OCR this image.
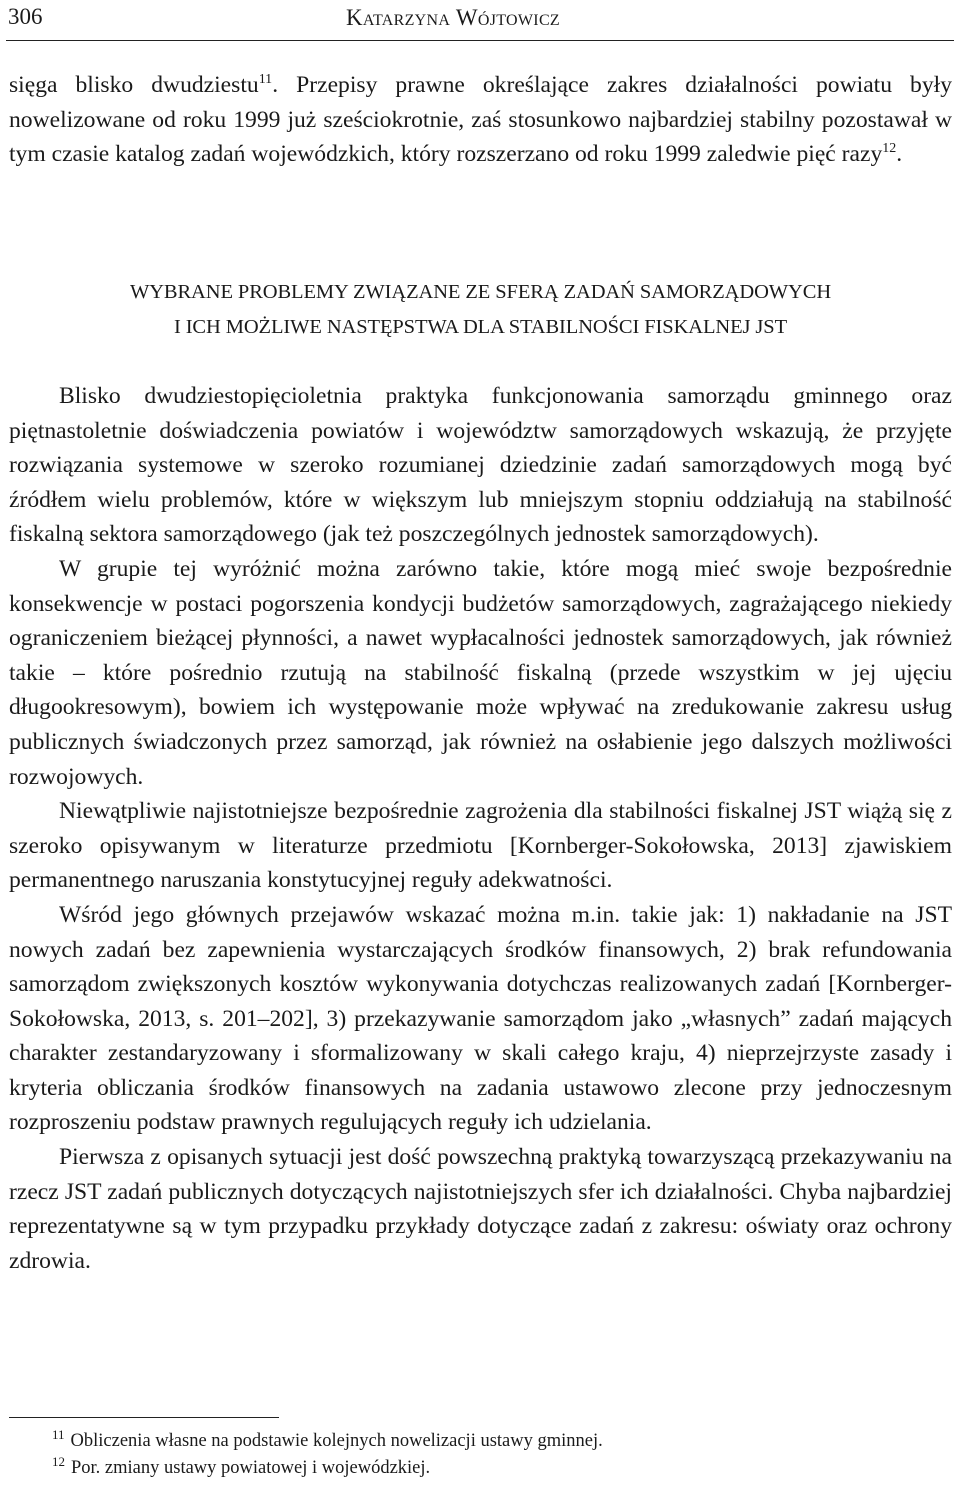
306	Katarzyna Wójtowicz

sięga blisko dwudziestu$^{11}$. Przepisy prawne określające zakres działalności powiatu były nowelizowane od roku 1999 już sześciokrotnie, zaś stosunkowo najbardziej stabilny pozostawał w tym czasie katalog zadań wojewódzkich, który rozszerzano od roku 1999 zaledwie pięć razy$^{12}$.

WYBRANE PROBLEMY ZWIĄZANE ZE SFERĄ ZADAŃ SAMORZĄDOWYCH
I ICH MOŻLIWE NASTĘPSTWA DLA STABILNOŚCI FISKALNEJ JST

Blisko dwudziestopięcioletnia praktyka funkcjonowania samorządu gminnego oraz piętnastoletnie doświadczenia powiatów i województw samorządowych wskazują, że przyjęte rozwiązania systemowe w szeroko rozumianej dziedzinie zadań samorządowych mogą być źródłem wielu problemów, które w większym lub mniejszym stopniu oddziałują na stabilność fiskalną sektora samorządowego (jak też poszczególnych jednostek samorządowych).

W grupie tej wyróżnić można zarówno takie, które mogą mieć swoje bezpośrednie konsekwencje w postaci pogorszenia kondycji budżetów samorządowych, zagrażającego niekiedy ograniczeniem bieżącej płynności, a nawet wypłacalności jednostek samorządowych, jak również takie – które pośrednio rzutują na stabilność fiskalną (przede wszystkim w jej ujęciu długookresowym), bowiem ich występowanie może wpływać na zredukowanie zakresu usług publicznych świadczonych przez samorząd, jak również na osłabienie jego dalszych możliwości rozwojowych.

Niewątpliwie najistotniejsze bezpośrednie zagrożenia dla stabilności fiskalnej JST wiążą się z szeroko opisywanym w literaturze przedmiotu [Kornberger-Sokołowska, 2013] zjawiskiem permanentnego naruszania konstytucyjnej reguły adekwatności.

Wśród jego głównych przejawów wskazać można m.in. takie jak: 1) nakładanie na JST nowych zadań bez zapewnienia wystarczających środków finansowych, 2) brak refundowania samorządom zwiększonych kosztów wykonywania dotychczas realizowanych zadań [Kornberger-Sokołowska, 2013, s. 201–202], 3) przekazywanie samorządom jako „własnych” zadań mających charakter zestandaryzowany i sformalizowany w skali całego kraju, 4) nieprzejrzyste zasady i kryteria obliczania środków finansowych na zadania ustawowo zlecone przy jednoczesnym rozproszeniu podstaw prawnych regulujących reguły ich udzielania.

Pierwsza z opisanych sytuacji jest dość powszechną praktyką towarzyszącą przekazywaniu na rzecz JST zadań publicznych dotyczących najistotniejszych sfer ich działalności. Chyba najbardziej reprezentatywne są w tym przypadku przykłady dotyczące zadań z zakresu: oświaty oraz ochrony zdrowia.

$^{11}$ Obliczenia własne na podstawie kolejnych nowelizacji ustawy gminnej.
$^{12}$ Por. zmiany ustawy powiatowej i wojewódzkiej.
